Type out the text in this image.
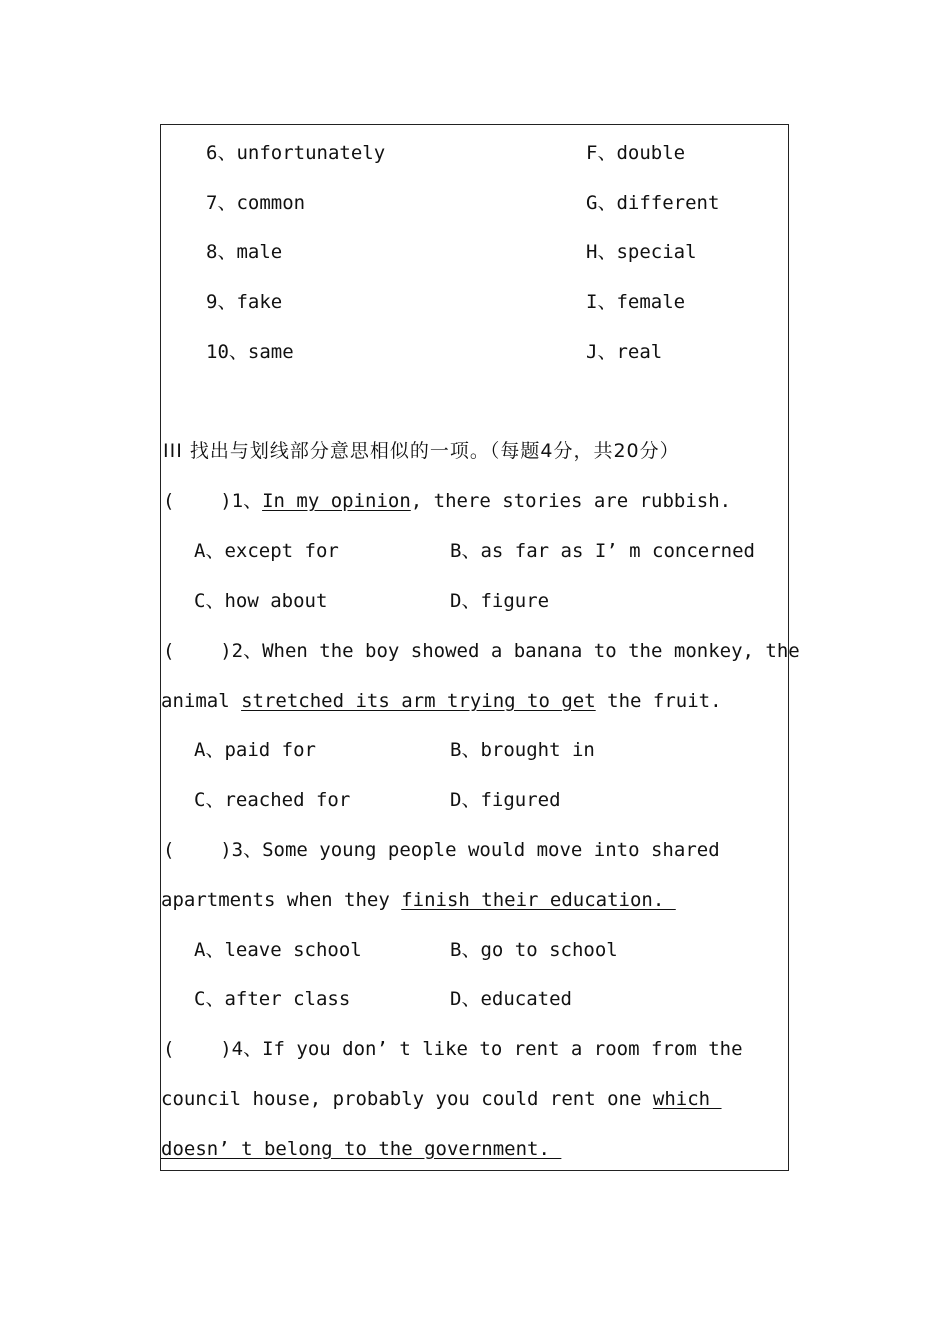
6、unfortunately	F、double
7、common	G、different
8、male	H、special
9、fake	I、female
10、same	J、real
III 找出与划线部分意思相似的一项。（每题4分，共20分）
(    )1、In my opinion, there stories are rubbish.
A、except for	B、as far as I’ m concerned
C、how about	D、figure
(    )2、When the boy showed a banana to the monkey, the
animal stretched its arm trying to get the fruit.
A、paid for	B、brought in
C、reached for	D、figured
(    )3、Some young people would move into shared
apartments when they finish their education.
A、leave school	B、go to school
C、after class	D、educated
(    )4、If you don’ t like to rent a room from the
council house, probably you could rent one which
doesn’ t belong to the government.
